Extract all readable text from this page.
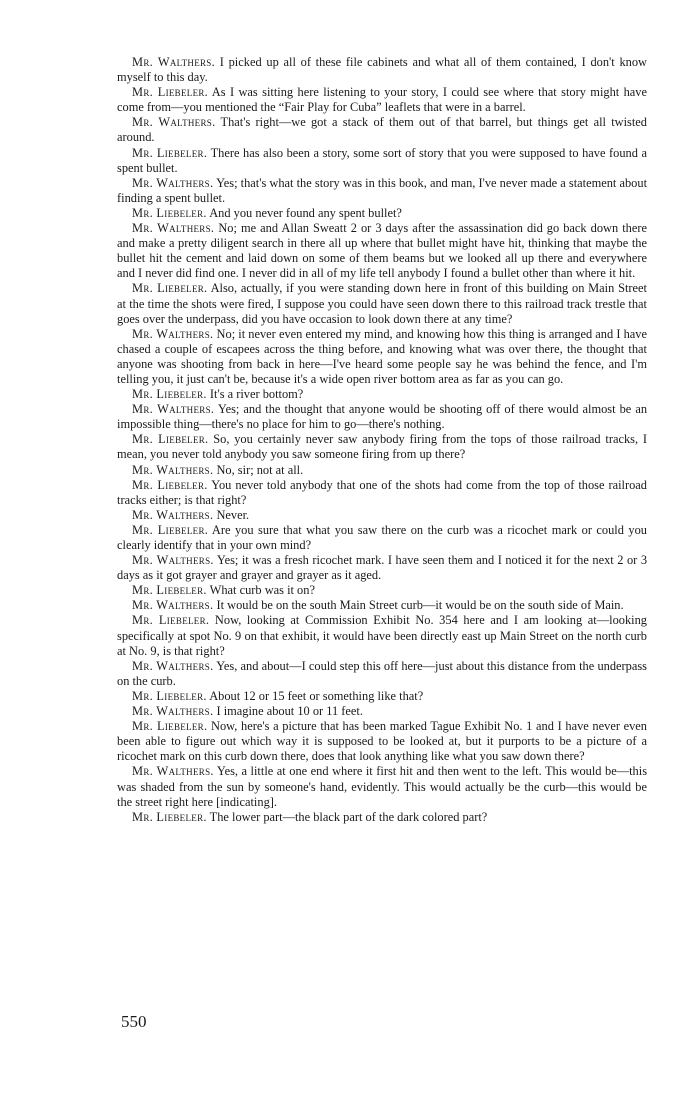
Mr. Walthers. I picked up all of these file cabinets and what all of them contained, I don't know myself to this day.

Mr. Liebeler. As I was sitting here listening to your story, I could see where that story might have come from—you mentioned the “Fair Play for Cuba” leaflets that were in a barrel.

Mr. Walthers. That's right—we got a stack of them out of that barrel, but things get all twisted around.

Mr. Liebeler. There has also been a story, some sort of story that you were supposed to have found a spent bullet.

Mr. Walthers. Yes; that's what the story was in this book, and man, I've never made a statement about finding a spent bullet.

Mr. Liebeler. And you never found any spent bullet?

Mr. Walthers. No; me and Allan Sweatt 2 or 3 days after the assassination did go back down there and make a pretty diligent search in there all up where that bullet might have hit, thinking that maybe the bullet hit the cement and laid down on some of them beams but we looked all up there and everywhere and I never did find one. I never did in all of my life tell anybody I found a bullet other than where it hit.

Mr. Liebeler. Also, actually, if you were standing down here in front of this building on Main Street at the time the shots were fired, I suppose you could have seen down there to this railroad track trestle that goes over the underpass, did you have occasion to look down there at any time?

Mr. Walthers. No; it never even entered my mind, and knowing how this thing is arranged and I have chased a couple of escapees across the thing before, and knowing what was over there, the thought that anyone was shooting from back in here—I've heard some people say he was behind the fence, and I'm telling you, it just can't be, because it's a wide open river bottom area as far as you can go.

Mr. Liebeler. It's a river bottom?

Mr. Walthers. Yes; and the thought that anyone would be shooting off of there would almost be an impossible thing—there's no place for him to go—there's nothing.

Mr. Liebeler. So, you certainly never saw anybody firing from the tops of those railroad tracks, I mean, you never told anybody you saw someone firing from up there?

Mr. Walthers. No, sir; not at all.

Mr. Liebeler. You never told anybody that one of the shots had come from the top of those railroad tracks either; is that right?

Mr. Walthers. Never.

Mr. Liebeler. Are you sure that what you saw there on the curb was a ricochet mark or could you clearly identify that in your own mind?

Mr. Walthers. Yes; it was a fresh ricochet mark. I have seen them and I noticed it for the next 2 or 3 days as it got grayer and grayer and grayer as it aged.

Mr. Liebeler. What curb was it on?

Mr. Walthers. It would be on the south Main Street curb—it would be on the south side of Main.

Mr. Liebeler. Now, looking at Commission Exhibit No. 354 here and I am looking at—looking specifically at spot No. 9 on that exhibit, it would have been directly east up Main Street on the north curb at No. 9, is that right?

Mr. Walthers. Yes, and about—I could step this off here—just about this distance from the underpass on the curb.

Mr. Liebeler. About 12 or 15 feet or something like that?

Mr. Walthers. I imagine about 10 or 11 feet.

Mr. Liebeler. Now, here's a picture that has been marked Tague Exhibit No. 1 and I have never even been able to figure out which way it is supposed to be looked at, but it purports to be a picture of a ricochet mark on this curb down there, does that look anything like what you saw down there?

Mr. Walthers. Yes, a little at one end where it first hit and then went to the left. This would be—this was shaded from the sun by someone's hand, evidently. This would actually be the curb—this would be the street right here [indicating].

Mr. Liebeler. The lower part—the black part of the dark colored part?

550
